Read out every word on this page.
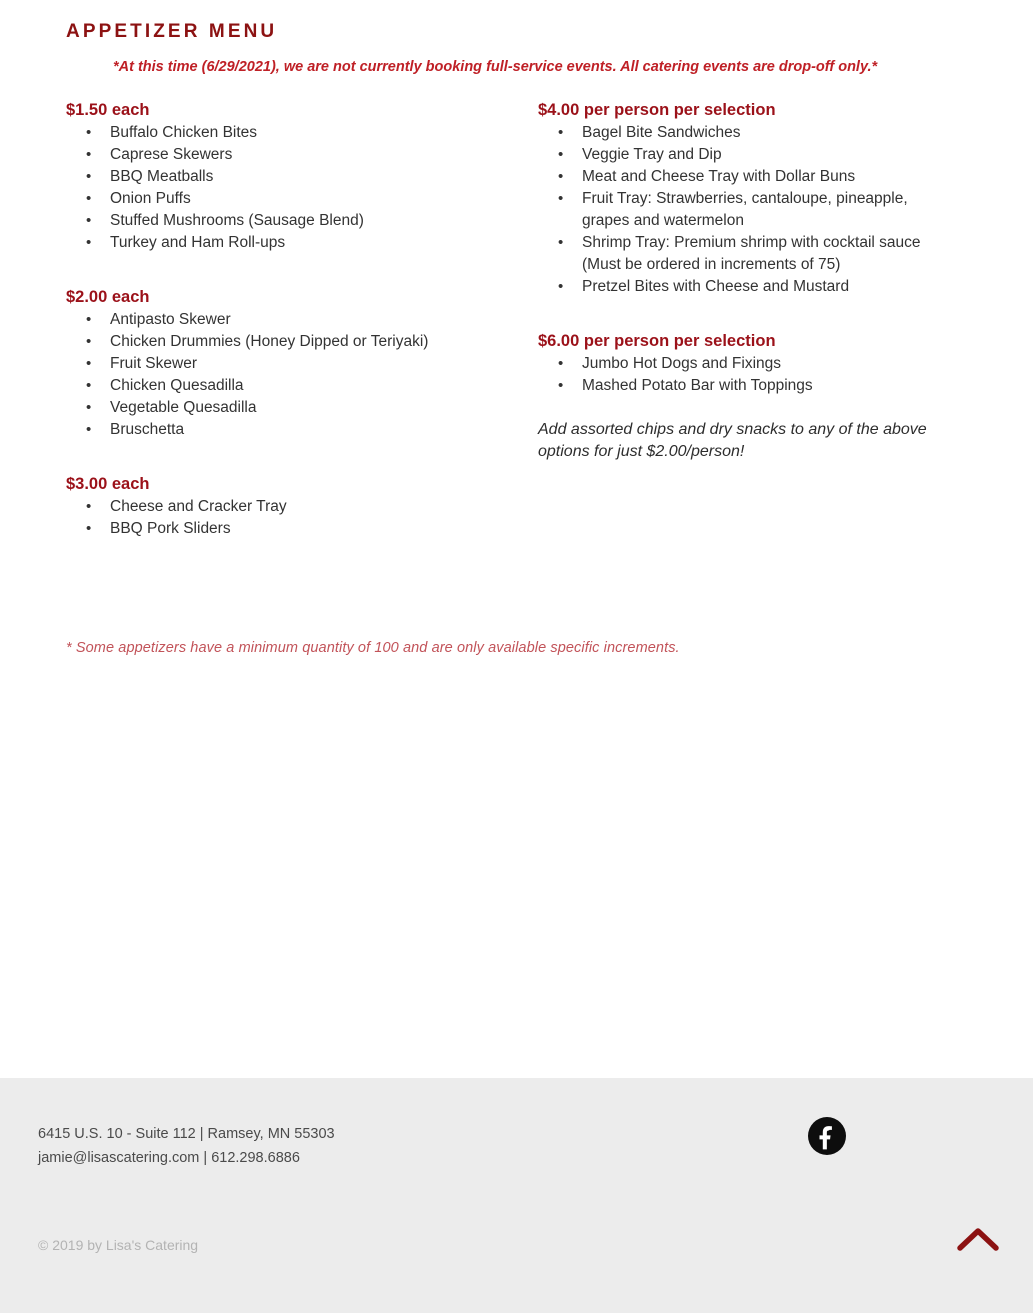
APPETIZER MENU
*At this time (6/29/2021), we are not currently booking full-service events. All catering events are drop-off only.*
$1.50 each
• Buffalo Chicken Bites
• Caprese Skewers
• BBQ Meatballs
• Onion Puffs
• Stuffed Mushrooms (Sausage Blend)
• Turkey and Ham Roll-ups
$2.00 each
• Antipasto Skewer
• Chicken Drummies (Honey Dipped or Teriyaki)
• Fruit Skewer
• Chicken Quesadilla
• Vegetable Quesadilla
• Bruschetta
$3.00 each
• Cheese and Cracker Tray
• BBQ Pork Sliders
$4.00 per person per selection
• Bagel Bite Sandwiches
• Veggie Tray and Dip
• Meat and Cheese Tray with Dollar Buns
• Fruit Tray: Strawberries, cantaloupe, pineapple, grapes and watermelon
• Shrimp Tray: Premium shrimp with cocktail sauce (Must be ordered in increments of 75)
• Pretzel Bites with Cheese and Mustard
$6.00 per person per selection
• Jumbo Hot Dogs and Fixings
• Mashed Potato Bar with Toppings
Add assorted chips and dry snacks to any of the above options for just $2.00/person!
* Some appetizers have a minimum quantity of 100 and are only available specific increments.
6415 U.S. 10 - Suite 112 | Ramsey, MN 55303
jamie@lisascatering.com | 612.298.6886
© 2019 by Lisa's Catering
